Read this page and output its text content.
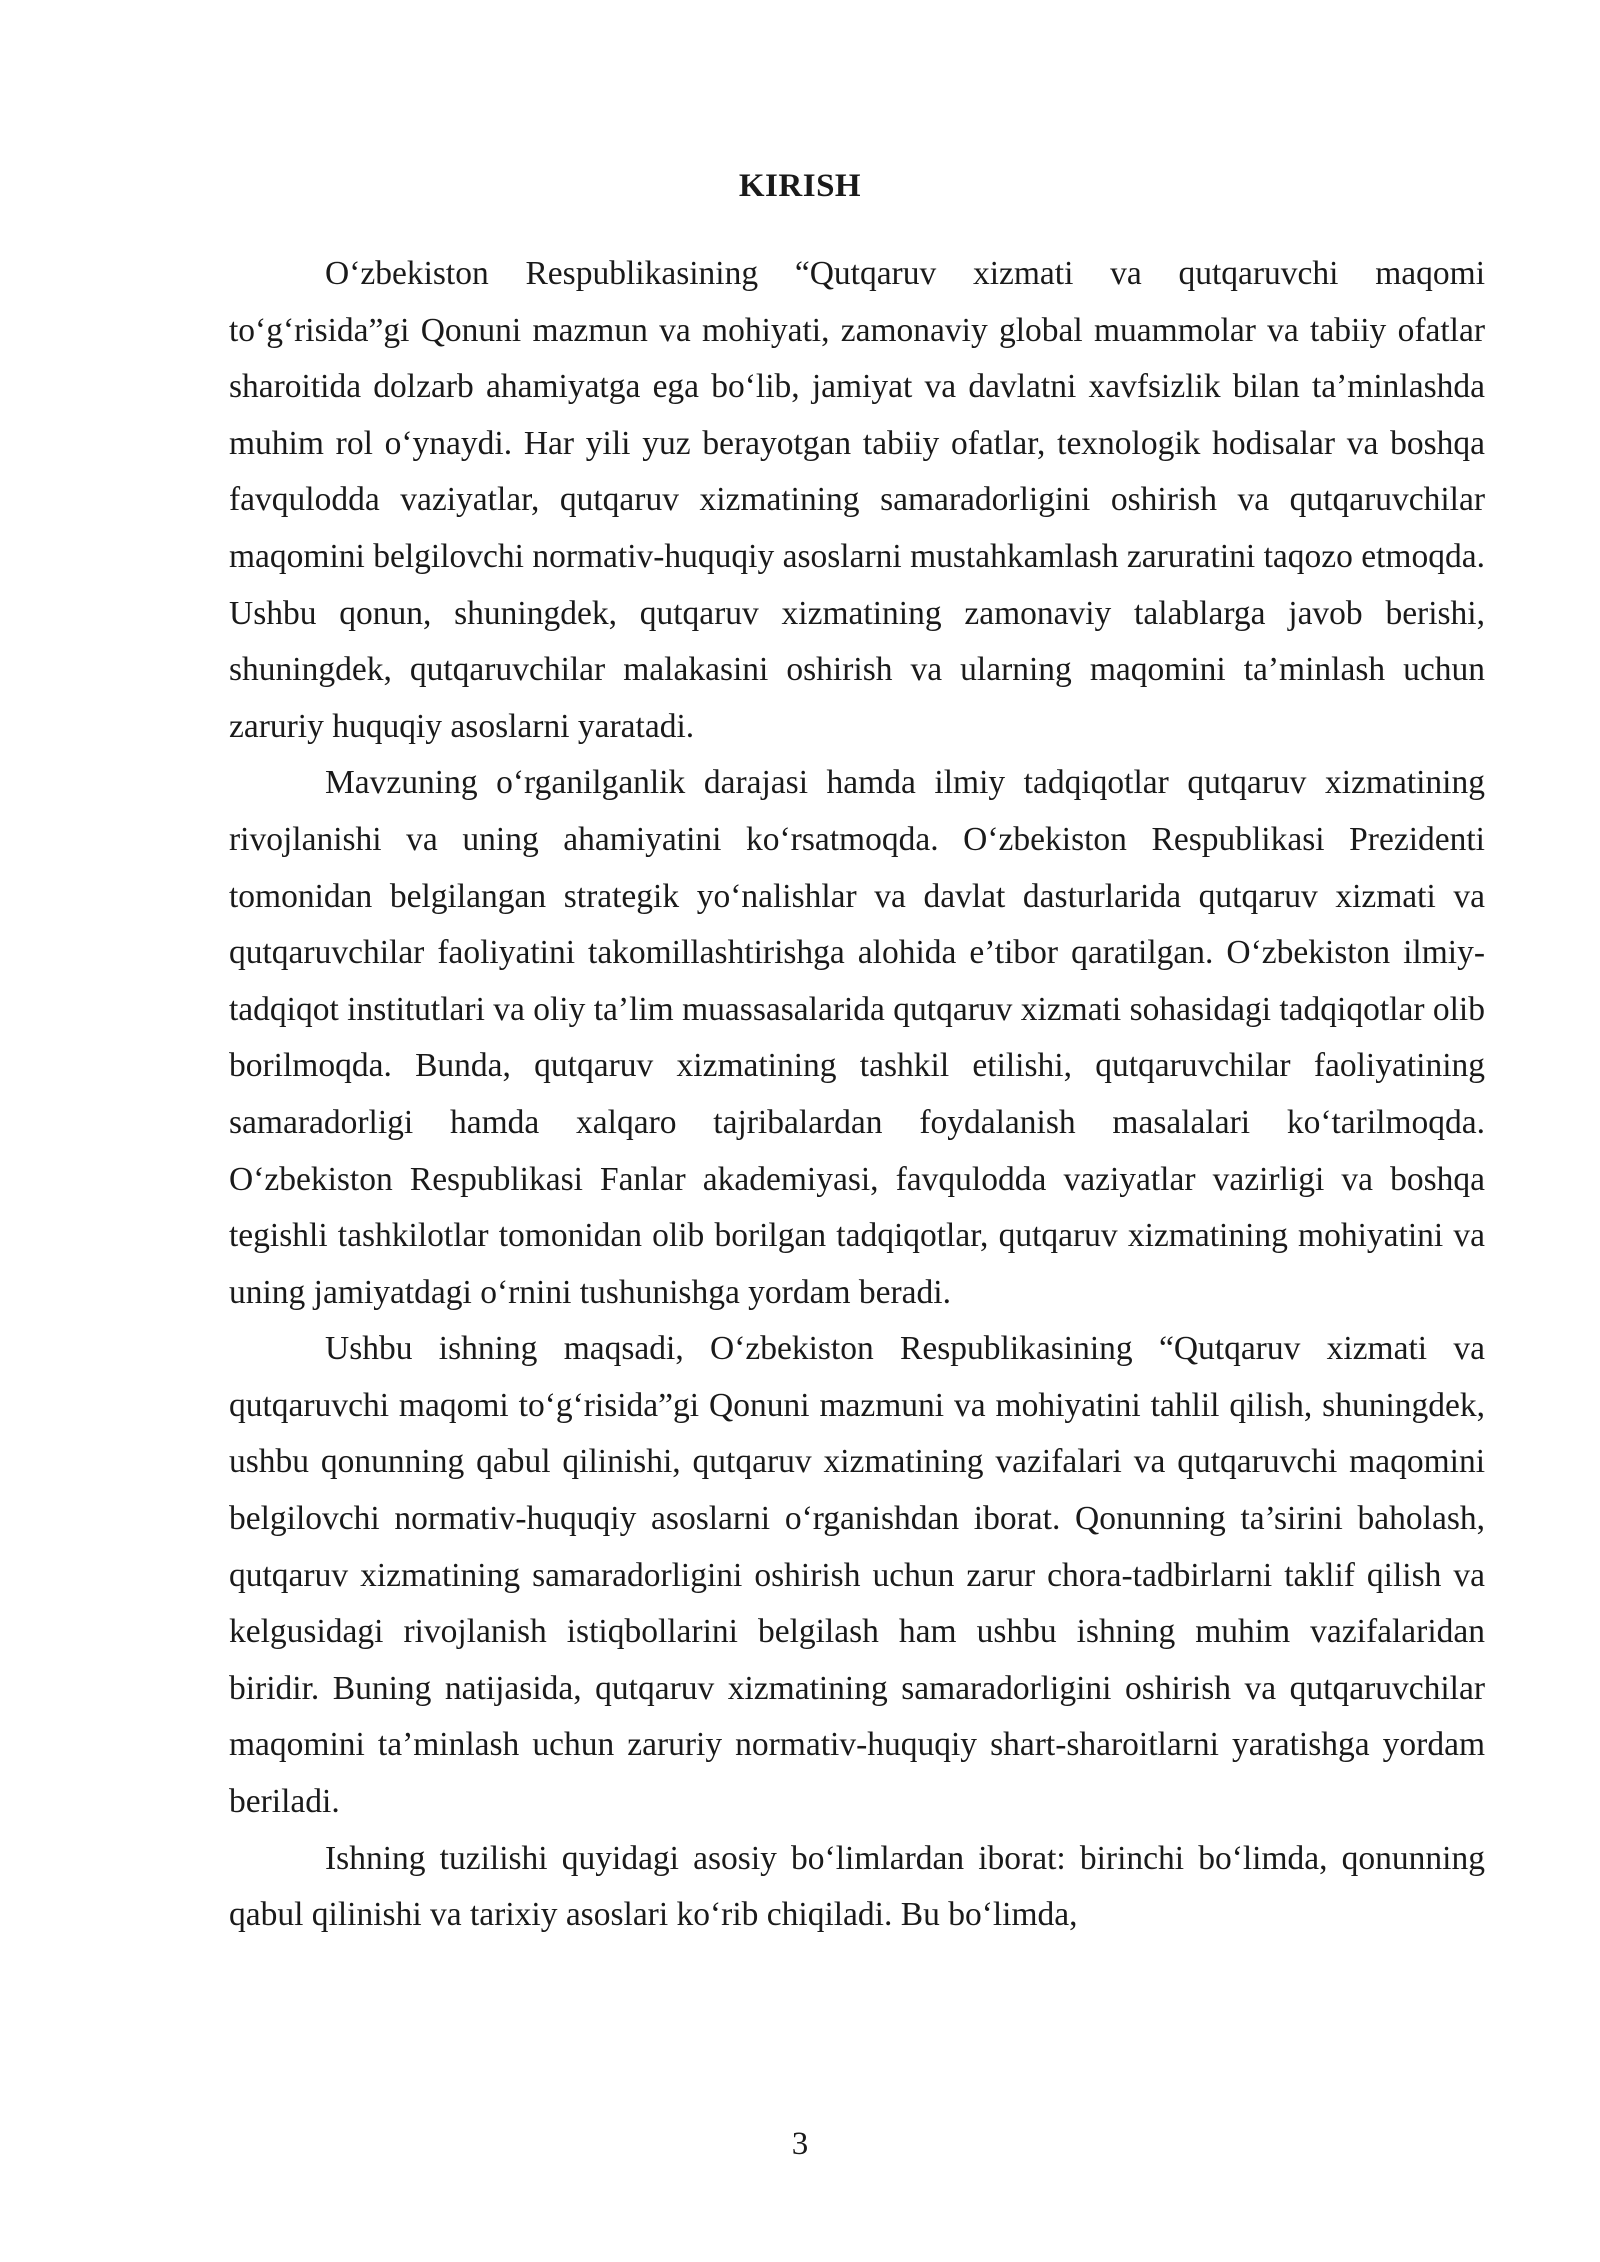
KIRISH

O‘zbekiston Respublikasining “Qutqaruv xizmati va qutqaruvchi maqomi to‘g‘risida”gi Qonuni mazmun va mohiyati, zamonaviy global muammolar va tabiiy ofatlar sharoitida dolzarb ahamiyatga ega bo‘lib, jamiyat va davlatni xavfsizlik bilan ta’minlashda muhim rol o‘ynaydi. Har yili yuz berayotgan tabiiy ofatlar, texnologik hodisalar va boshqa favqulodda vaziyatlar, qutqaruv xizmatining samaradorligini oshirish va qutqaruvchilar maqomini belgilovchi normativ-huquqiy asoslarni mustahkamlash zaruratini taqozo etmoqda. Ushbu qonun, shuningdek, qutqaruv xizmatining zamonaviy talablarga javob berishi, shuningdek, qutqaruvchilar malakasini oshirish va ularning maqomini ta’minlash uchun zaruriy huquqiy asoslarni yaratadi.

Mavzuning o‘rganilganlik darajasi hamda ilmiy tadqiqotlar qutqaruv xizmatining rivojlanishi va uning ahamiyatini ko‘rsatmoqda. O‘zbekiston Respublikasi Prezidenti tomonidan belgilangan strategik yo‘nalishlar va davlat dasturlarida qutqaruv xizmati va qutqaruvchilar faoliyatini takomillashtirishga alohida e’tibor qaratilgan. O‘zbekiston ilmiy-tadqiqot institutlari va oliy ta’lim muassasalarida qutqaruv xizmati sohasidagi tadqiqotlar olib borilmoqda. Bunda, qutqaruv xizmatining tashkil etilishi, qutqaruvchilar faoliyatining samaradorligi hamda xalqaro tajribalardan foydalanish masalalari ko‘tarilmoqda. O‘zbekiston Respublikasi Fanlar akademiyasi, favqulodda vaziyatlar vazirligi va boshqa tegishli tashkilotlar tomonidan olib borilgan tadqiqotlar, qutqaruv xizmatining mohiyatini va uning jamiyatdagi o‘rnini tushunishga yordam beradi.

Ushbu ishning maqsadi, O‘zbekiston Respublikasining “Qutqaruv xizmati va qutqaruvchi maqomi to‘g‘risida”gi Qonuni mazmuni va mohiyatini tahlil qilish, shuningdek, ushbu qonunning qabul qilinishi, qutqaruv xizmatining vazifalari va qutqaruvchi maqomini belgilovchi normativ-huquqiy asoslarni o‘rganishdan iborat. Qonunning ta’sirini baholash, qutqaruv xizmatining samaradorligini oshirish uchun zarur chora-tadbirlarni taklif qilish va kelgusidagi rivojlanish istiqbollarini belgilash ham ushbu ishning muhim vazifalaridan biridir. Buning natijasida, qutqaruv xizmatining samaradorligini oshirish va qutqaruvchilar maqomini ta’minlash uchun zaruriy normativ-huquqiy shart-sharoitlarni yaratishga yordam beriladi.

Ishning tuzilishi quyidagi asosiy bo‘limlardan iborat: birinchi bo‘limda, qonunning qabul qilinishi va tarixiy asoslari ko‘rib chiqiladi. Bu bo‘limda,

3
